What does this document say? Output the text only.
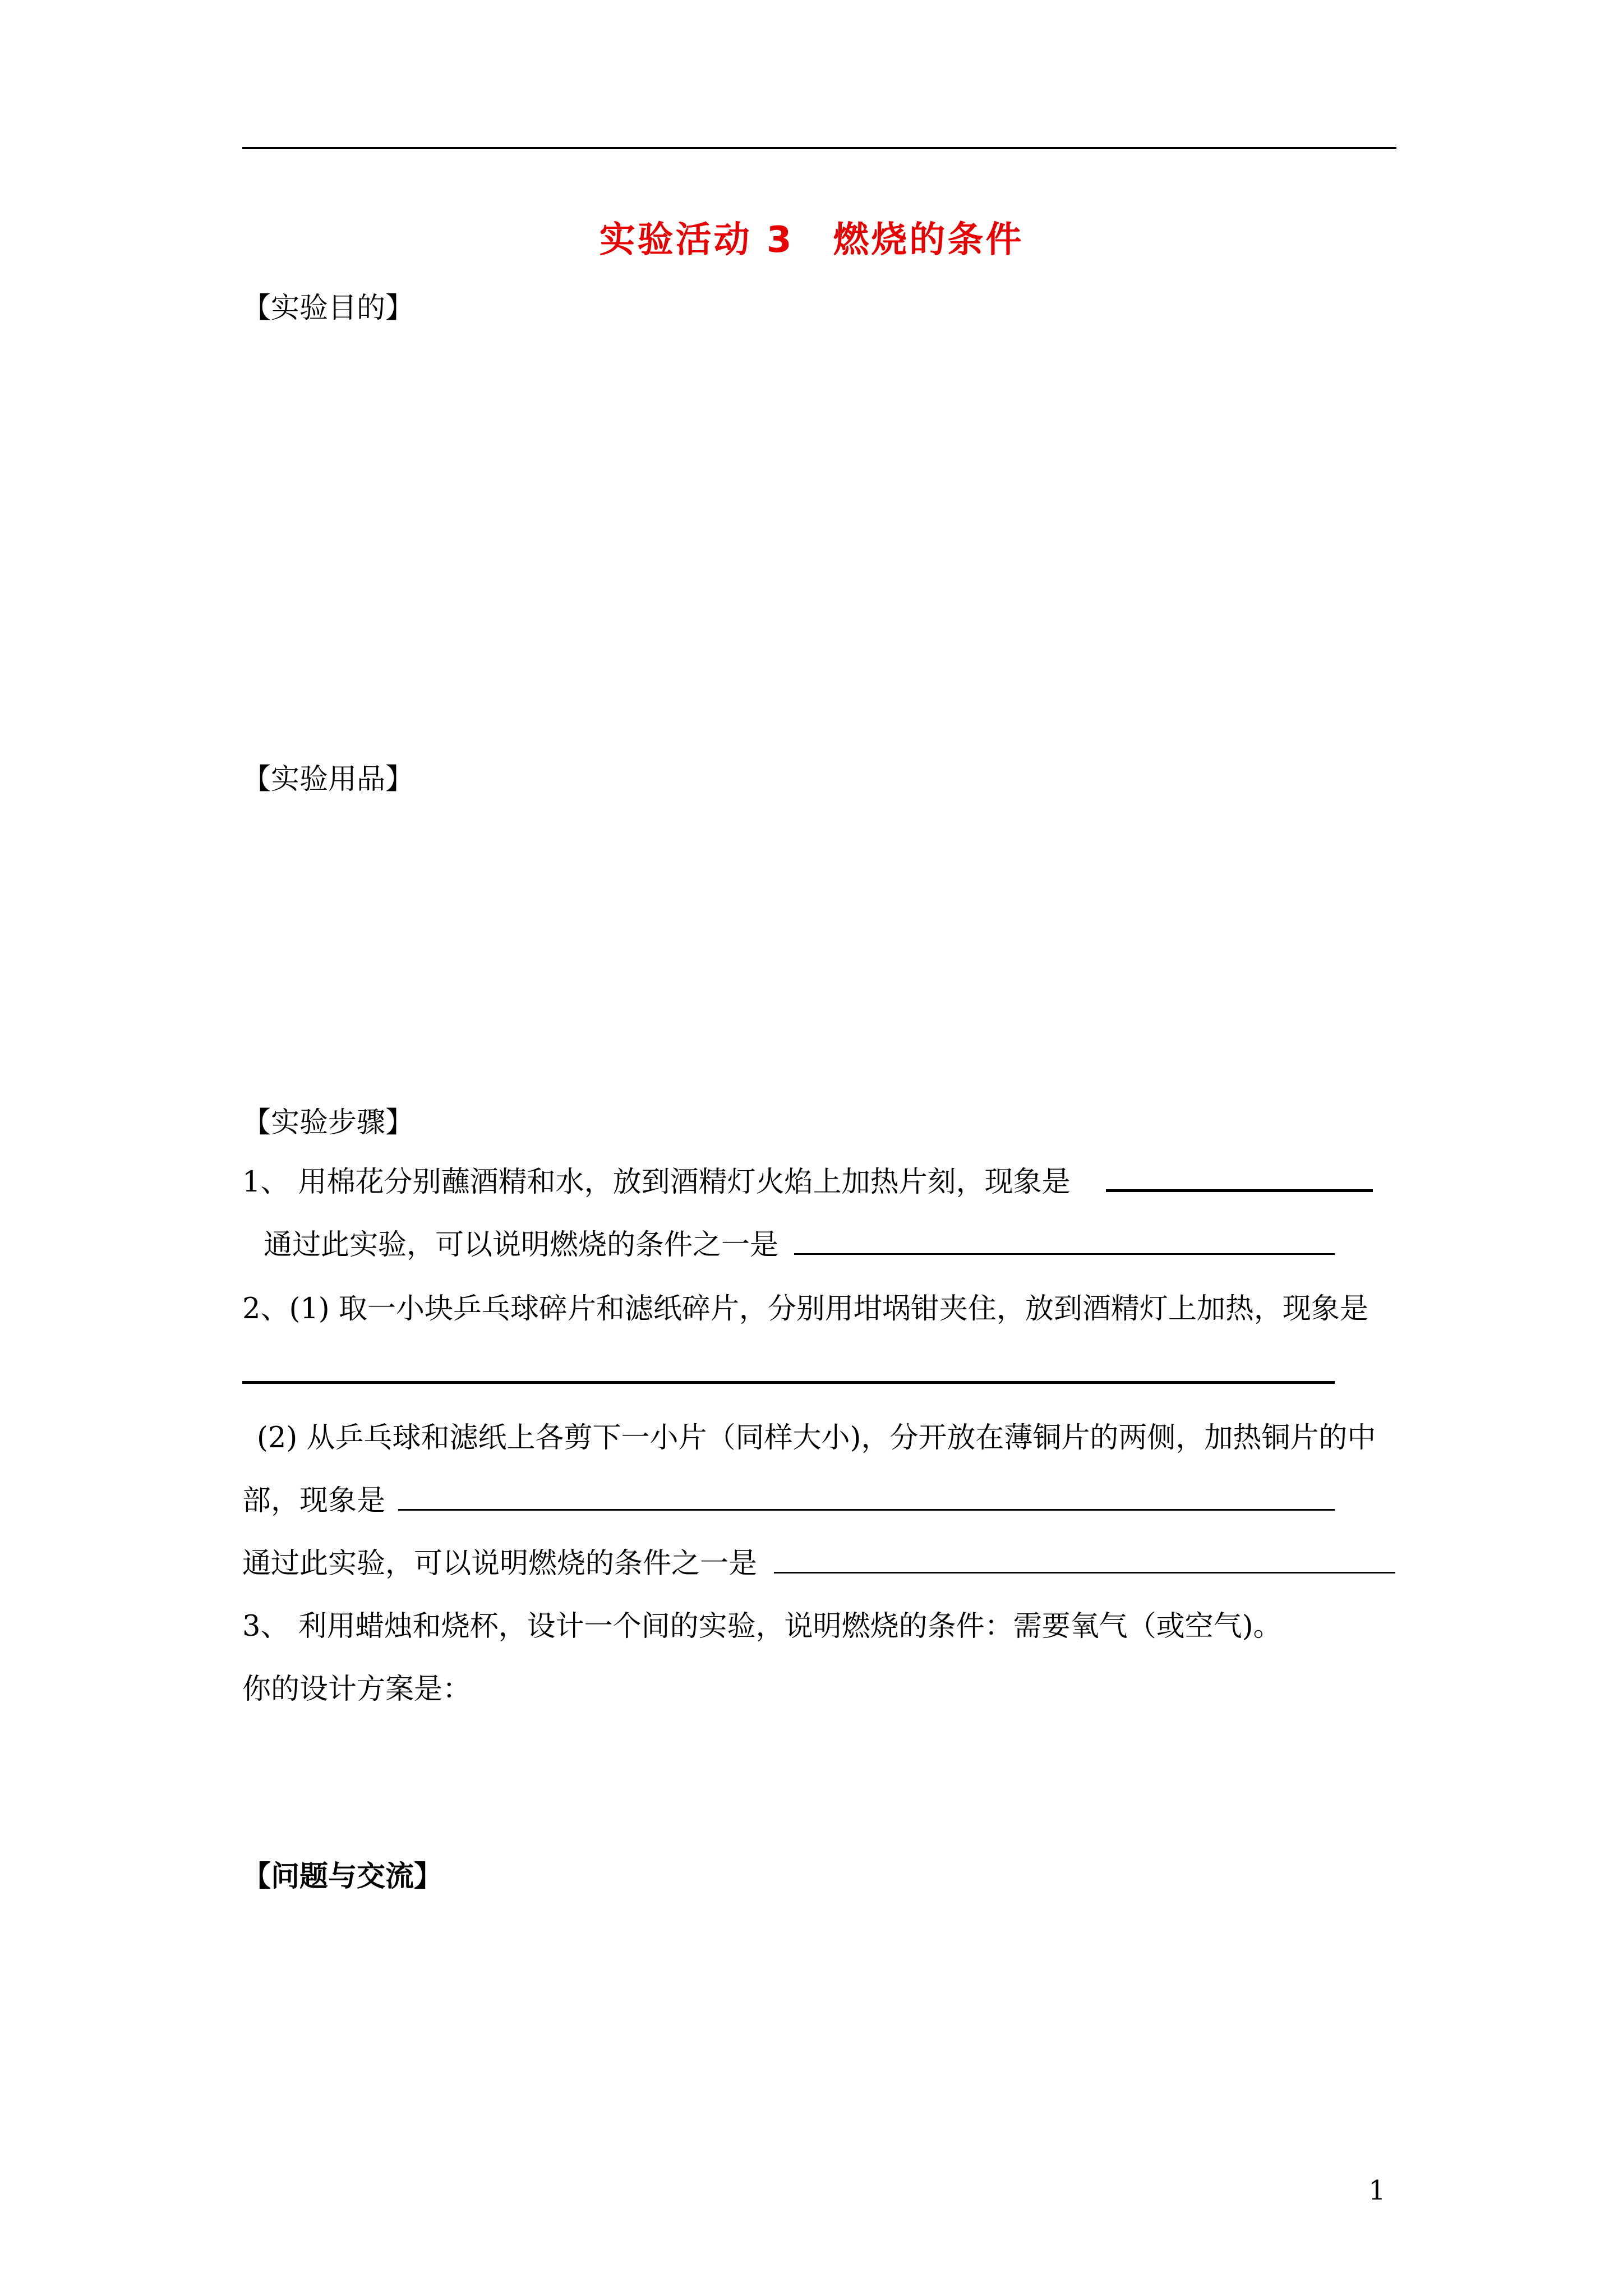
实验活动 3 燃烧的条件
【实验目的】
【实验用品】
【实验步骤】
1、 用棉花分别蘸酒精和水，放到酒精灯火焰上加热片刻，现象是
通过此实验，可以说明燃烧的条件之一是
2、(1) 取一小块乒乓球碎片和滤纸碎片，分别用坩埚钳夹住，放到酒精灯上加热，现象是
(2) 从乒乓球和滤纸上各剪下一小片（同样大小)，分开放在薄铜片的两侧，加热铜片的中
部，现象是
通过此实验，可以说明燃烧的条件之一是
3、 利用蜡烛和烧杯，设计一个间的实验，说明燃烧的条件：需要氧气（或空气)。
你的设计方案是：
【问题与交流】
1
